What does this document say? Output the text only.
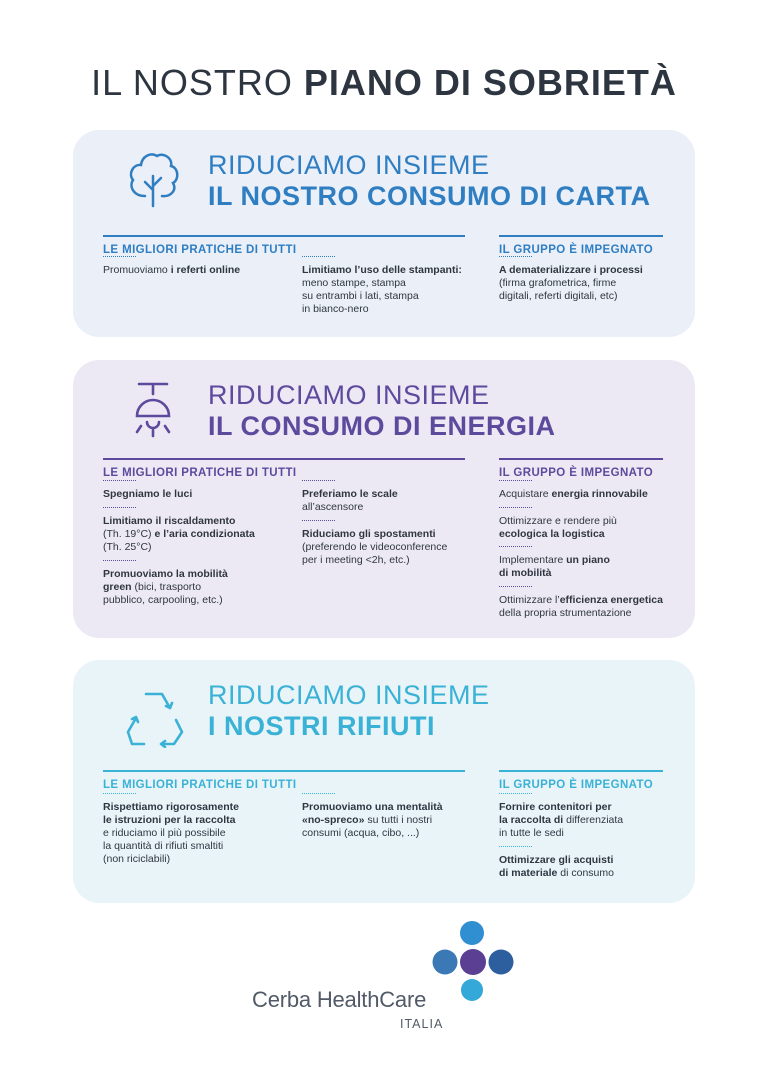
IL NOSTRO PIANO DI SOBRIETÀ
RIDUCIAMO INSIEME
IL NOSTRO CONSUMO DI CARTA
LE MIGLIORI PRATICHE DI TUTTI	IL GRUPPO È IMPEGNATO
Promuoviamo i referti online	Limitiamo l’uso delle stampanti:
meno stampe, stampa
su entrambi i lati, stampa
in bianco-nero
A dematerializzare i processi
(firma grafometrica, firme
digitali, referti digitali, etc)
RIDUCIAMO INSIEME
IL CONSUMO DI ENERGIA
LE MIGLIORI PRATICHE DI TUTTI	IL GRUPPO È IMPEGNATO
Spegniamo le luci
Limitiamo il riscaldamento
(Th. 19°C) e l’aria condizionata
(Th. 25°C)
Promuoviamo la mobilità
green (bici, trasporto
pubblico, carpooling, etc.)
Preferiamo le scale
all’ascensore
Riduciamo gli spostamenti
(preferendo le videoconference
per i meeting <2h, etc.)
Acquistare energia rinnovabile
Ottimizzare e rendere più
ecologica la logistica
Implementare un piano
di mobilità
Ottimizzare l’efficienza energetica
della propria strumentazione
RIDUCIAMO INSIEME
I NOSTRI RIFIUTI
LE MIGLIORI PRATICHE DI TUTTI	IL GRUPPO È IMPEGNATO
Rispettiamo rigorosamente
le istruzioni per la raccolta
e riduciamo il più possibile
la quantità di rifiuti smaltiti
(non riciclabili)
Promuoviamo una mentalità
«no-spreco» su tutti i nostri
consumi (acqua, cibo, ...)
Fornire contenitori per
la raccolta di differenziata
in tutte le sedi
Ottimizzare gli acquisti
di materiale di consumo
Cerba HealthCare
ITALIA
